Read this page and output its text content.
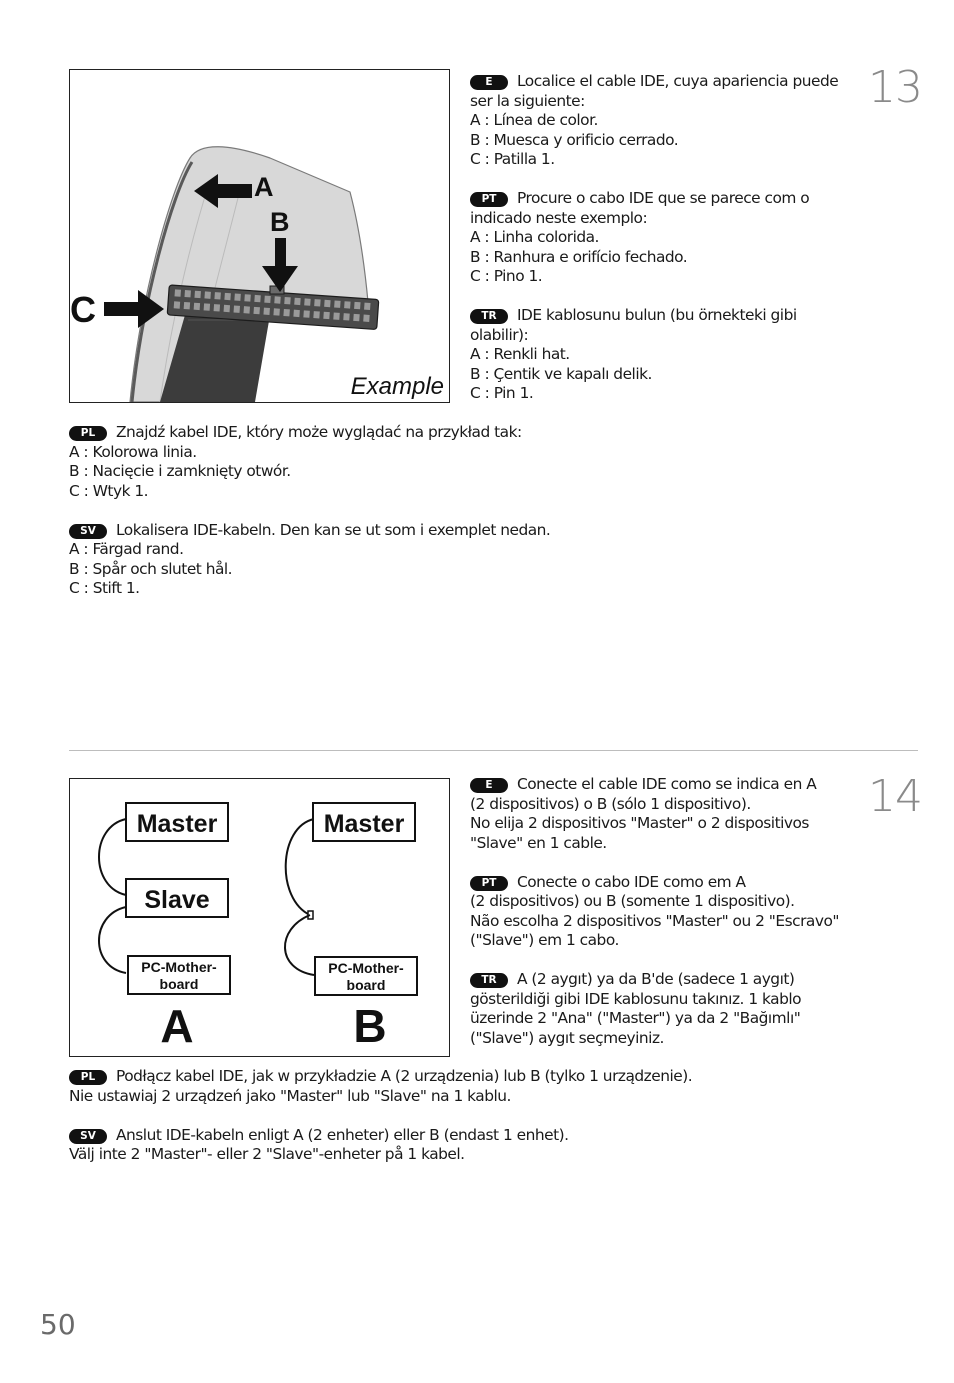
A
B
C
Example
13
E Localice el cable IDE, cuya apariencia puede
ser la siguiente:
A : Línea de color.
B : Muesca y orificio cerrado.
C : Patilla 1.
PT Procure o cabo IDE que se parece com o
indicado neste exemplo:
A : Linha colorida.
B : Ranhura e orifício fechado.
C : Pino 1.
TR IDE kablosunu bulun (bu örnekteki gibi
olabilir):
A : Renkli hat.
B : Çentik ve kapalı delik.
C : Pin 1.
PL Znajdź kabel IDE, który może wyglądać na przykład tak:
A : Kolorowa linia.
B : Nacięcie i zamknięty otwór.
C : Wtyk 1.
SV Lokalisera IDE-kabeln. Den kan se ut som i exemplet nedan.
A : Färgad rand.
B : Spår och slutet hål.
C : Stift 1.
Master
Slave
PC-Mother-
board
A
Master
PC-Mother-
board
B
14
E Conecte el cable IDE como se indica en A
(2 dispositivos) o B (sólo 1 dispositivo).
No elija 2 dispositivos "Master" o 2 dispositivos
"Slave" en 1 cable.
PT Conecte o cabo IDE como em A
(2 dispositivos) ou B (somente 1 dispositivo).
Não escolha 2 dispositivos "Master" ou 2 "Escravo"
("Slave") em 1 cabo.
TR A (2 aygıt) ya da B'de (sadece 1 aygıt)
gösterildiği gibi IDE kablosunu takınız. 1 kablo
üzerinde 2 "Ana" ("Master") ya da 2 "Bağımlı"
("Slave") aygıt seçmeyiniz.
PL Podłącz kabel IDE, jak w przykładzie A (2 urządzenia) lub B (tylko 1 urządzenie).
Nie ustawiaj 2 urządzeń jako "Master" lub "Slave" na 1 kablu.
SV Anslut IDE-kabeln enligt A (2 enheter) eller B (endast 1 enhet).
Välj inte 2 "Master"- eller 2 "Slave"-enheter på 1 kabel.
50
